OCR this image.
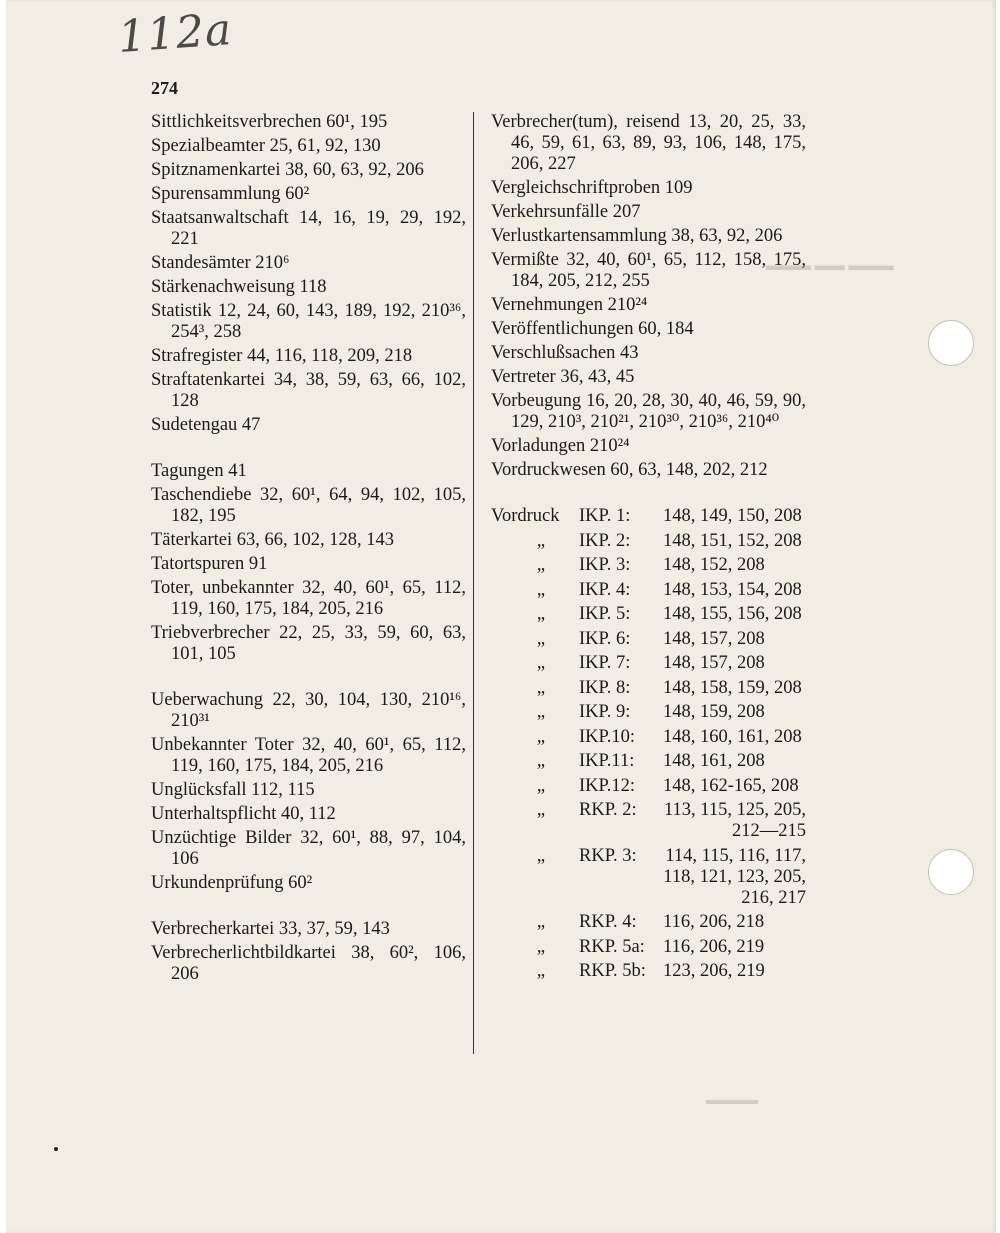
112a
274
▬▬▬ ▬▬ ▬▬▬
▬▬▬▬
Sittlichkeitsverbrechen 60¹, 195
Spezialbeamter 25, 61, 92, 130
Spitznamenkartei 38, 60, 63, 92, 206
Spurensammlung 60²
Staatsanwaltschaft 14, 16, 19, 29, 192, 221
Standesämter 210⁶
Stärkenachweisung 118
Statistik 12, 24, 60, 143, 189, 192, 210³⁶, 254³, 258
Strafregister 44, 116, 118, 209, 218
Straftatenkartei 34, 38, 59, 63, 66, 102, 128
Sudetengau 47
Tagungen 41
Taschendiebe 32, 60¹, 64, 94, 102, 105, 182, 195
Täterkartei 63, 66, 102, 128, 143
Tatortspuren 91
Toter, unbekannter 32, 40, 60¹, 65, 112, 119, 160, 175, 184, 205, 216
Triebverbrecher 22, 25, 33, 59, 60, 63, 101, 105
Ueberwachung 22, 30, 104, 130, 210¹⁶, 210³¹
Unbekannter Toter 32, 40, 60¹, 65, 112, 119, 160, 175, 184, 205, 216
Unglücksfall 112, 115
Unterhaltspflicht 40, 112
Unzüchtige Bilder 32, 60¹, 88, 97, 104, 106
Urkundenprüfung 60²
Verbrecherkartei 33, 37, 59, 143
Verbrecherlichtbildkartei 38, 60², 106, 206
Verbrecher(tum), reisend 13, 20, 25, 33, 46, 59, 61, 63, 89, 93, 106, 148, 175, 206, 227
Vergleichschriftproben 109
Verkehrsunfälle 207
Verlustkartensammlung 38, 63, 92, 206
Vermißte 32, 40, 60¹, 65, 112, 158, 175, 184, 205, 212, 255
Vernehmungen 210²⁴
Veröffentlichungen 60, 184
Verschlußsachen 43
Vertreter 36, 43, 45
Vorbeugung 16, 20, 28, 30, 40, 46, 59, 90, 129, 210³, 210²¹, 210³⁰, 210³⁶, 210⁴⁰
Vorladungen 210²⁴
Vordruckwesen 60, 63, 148, 202, 212
Vordruck	IKP. 1:	148, 149, 150, 208
„	IKP. 2:	148, 151, 152, 208
„	IKP. 3:	148, 152, 208
„	IKP. 4:	148, 153, 154, 208
„	IKP. 5:	148, 155, 156, 208
„	IKP. 6:	148, 157, 208
„	IKP. 7:	148, 157, 208
„	IKP. 8:	148, 158, 159, 208
„	IKP. 9:	148, 159, 208
„	IKP.10:	148, 160, 161, 208
„	IKP.11:	148, 161, 208
„	IKP.12:	148, 162-165, 208
„	RKP. 2:	113, 115, 125, 205, 212—215
„	RKP. 3:	114, 115, 116, 117, 118, 121, 123, 205, 216, 217
„	RKP. 4:	116, 206, 218
„	RKP. 5a: 116, 206, 219
„	RKP. 5b: 123, 206, 219
